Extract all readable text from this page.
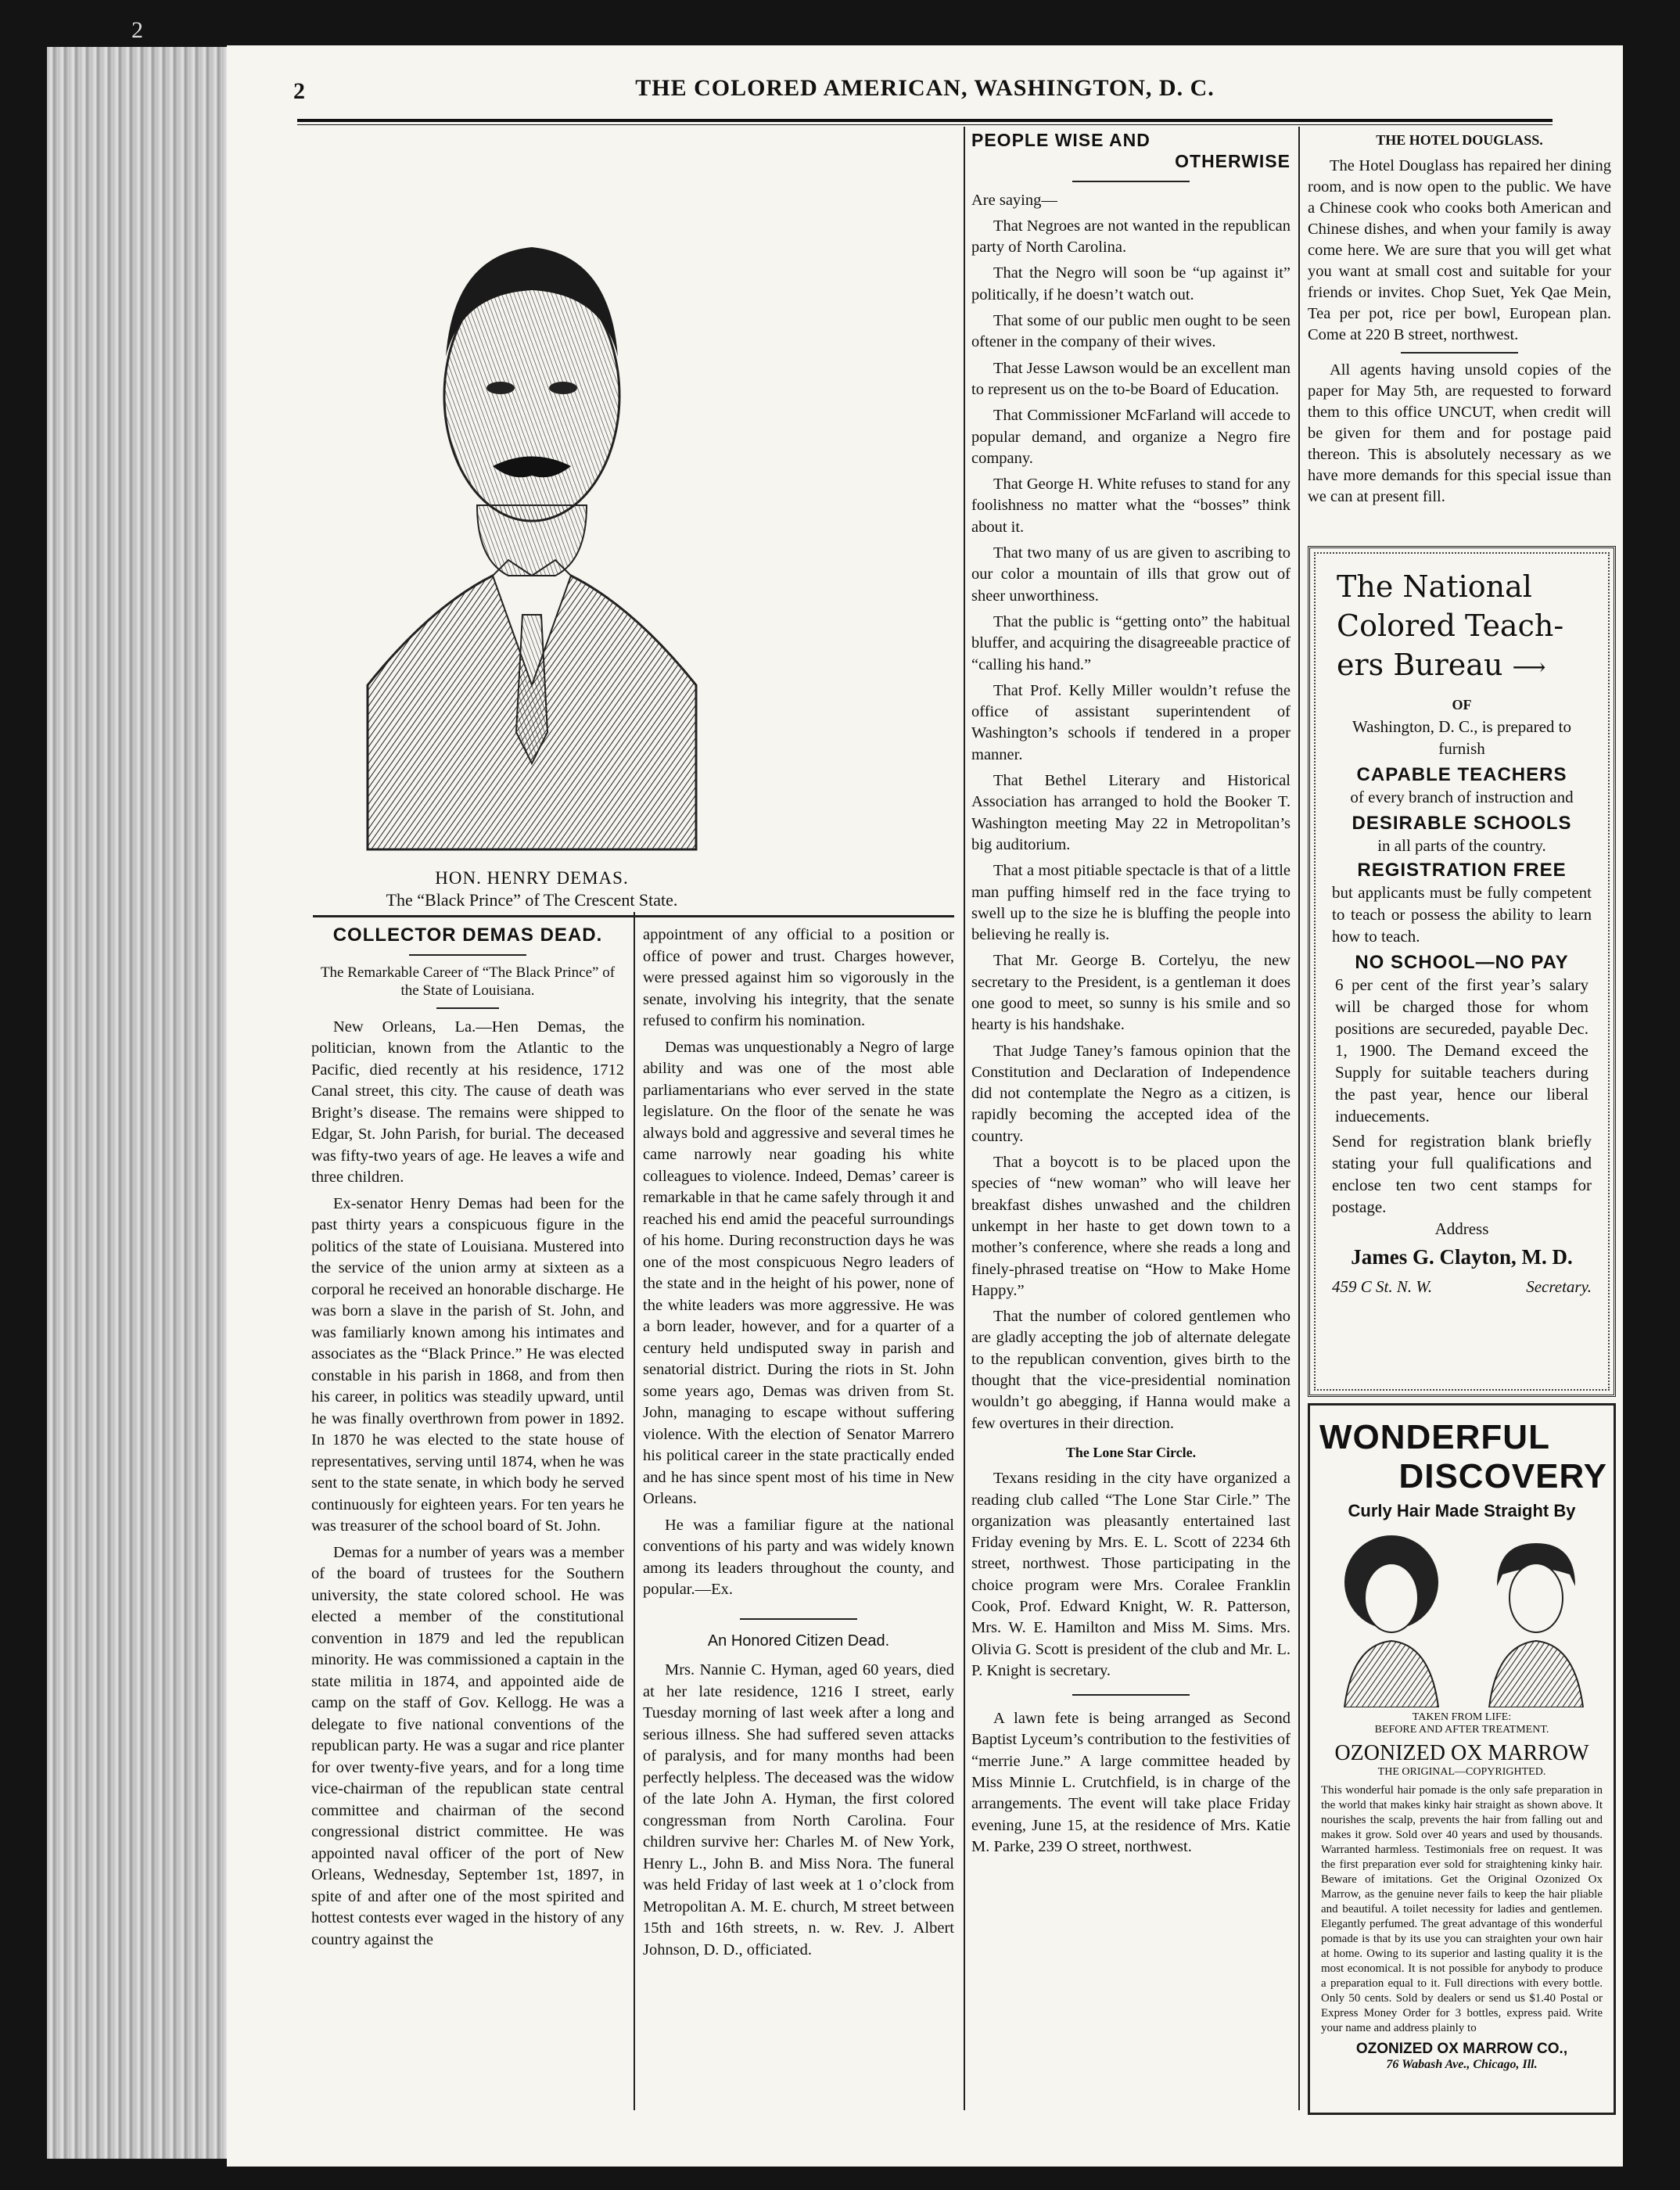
2
2	THE COLORED AMERICAN, WASHINGTON, D. C.
HON. HENRY DEMAS.
The “Black Prince” of The Crescent State.
COLLECTOR DEMAS DEAD.
The Remarkable Career of “The Black Prince” of the State of Louisiana.

New Orleans, La.—Hen Demas, the politician, known from the Atlantic to the Pacific, died recently at his residence, 1712 Canal street, this city. The cause of death was Bright’s disease. The remains were shipped to Edgar, St. John Parish, for burial. The deceased was fifty-two years of age. He leaves a wife and three children.

Ex-senator Henry Demas had been for the past thirty years a conspicuous figure in the politics of the state of Louisiana. Mustered into the service of the union army at sixteen as a corporal he received an honorable discharge. He was born a slave in the parish of St. John, and was familiarly known among his intimates and associates as the “Black Prince.” He was elected constable in his parish in 1868, and from then his career, in politics was steadily upward, until he was finally overthrown from power in 1892. In 1870 he was elected to the state house of representatives, serving until 1874, when he was sent to the state senate, in which body he served continuously for eighteen years. For ten years he was treasurer of the school board of St. John.

Demas for a number of years was a member of the board of trustees for the Southern university, the state colored school. He was elected a member of the constitutional convention in 1879 and led the republican minority. He was commissioned a captain in the state militia in 1874, and appointed aide de camp on the staff of Gov. Kellogg. He was a delegate to five national conventions of the republican party. He was a sugar and rice planter for over twenty-five years, and for a long time vice-chairman of the republican state central committee and chairman of the second congressional district committee. He was appointed naval officer of the port of New Orleans, Wednesday, September 1st, 1897, in spite of and after one of the most spirited and hottest contests ever waged in the history of any country against the

appointment of any official to a position or office of power and trust. Charges however, were pressed against him so vigorously in the senate, involving his integrity, that the senate refused to confirm his nomination.

Demas was unquestionably a Negro of large ability and was one of the most able parliamentarians who ever served in the state legislature. On the floor of the senate he was always bold and aggressive and several times he came narrowly near goading his white colleagues to violence. Indeed, Demas’ career is remarkable in that he came safely through it and reached his end amid the peaceful surroundings of his home. During reconstruction days he was one of the most conspicuous Negro leaders of the state and in the height of his power, none of the white leaders was more aggressive. He was a born leader, however, and for a quarter of a century held undisputed sway in parish and senatorial district. During the riots in St. John some years ago, Demas was driven from St. John, managing to escape without suffering violence. With the election of Senator Marrero his political career in the state practically ended and he has since spent most of his time in New Orleans.

He was a familiar figure at the national conventions of his party and was widely known among its leaders throughout the county, and popular.—Ex.

An Honored Citizen Dead.

Mrs. Nannie C. Hyman, aged 60 years, died at her late residence, 1216 I street, early Tuesday morning of last week after a long and serious illness. She had suffered seven attacks of paralysis, and for many months had been perfectly helpless. The deceased was the widow of the late John A. Hyman, the first colored congressman from North Carolina. Four children survive her: Charles M. of New York, Henry L., John B. and Miss Nora. The funeral was held Friday of last week at 1 o’clock from Metropolitan A. M. E. church, M street between 15th and 16th streets, n. w. Rev. J. Albert Johnson, D. D., officiated.

PEOPLE WISE AND
OTHERWISE

Are saying—

That Negroes are not wanted in the republican party of North Carolina.

That the Negro will soon be “up against it” politically, if he doesn’t watch out.

That some of our public men ought to be seen oftener in the company of their wives.

That Jesse Lawson would be an excellent man to represent us on the to-be Board of Education.

That Commissioner McFarland will accede to popular demand, and organize a Negro fire company.

That George H. White refuses to stand for any foolishness no matter what the “bosses” think about it.

That two many of us are given to ascribing to our color a mountain of ills that grow out of sheer unworthiness.

That the public is “getting onto” the habitual bluffer, and acquiring the disagreeable practice of “calling his hand.”

That Prof. Kelly Miller wouldn’t refuse the office of assistant superintendent of Washington’s schools if tendered in a proper manner.

That Bethel Literary and Historical Association has arranged to hold the Booker T. Washington meeting May 22 in Metropolitan’s big auditorium.

That a most pitiable spectacle is that of a little man puffing himself red in the face trying to swell up to the size he is bluffing the people into believing he really is.

That Mr. George B. Cortelyu, the new secretary to the President, is a gentleman it does one good to meet, so sunny is his smile and so hearty is his handshake.

That Judge Taney’s famous opinion that the Constitution and Declaration of Independence did not contemplate the Negro as a citizen, is rapidly becoming the accepted idea of the country.

That a boycott is to be placed upon the species of “new woman” who will leave her breakfast dishes unwashed and the children unkempt in her haste to get down town to a mother’s conference, where she reads a long and finely-phrased treatise on “How to Make Home Happy.”

That the number of colored gentlemen who are gladly accepting the job of alternate delegate to the republican convention, gives birth to the thought that the vice-presidential nomination wouldn’t go abegging, if Hanna would make a few overtures in their direction.

The Lone Star Circle.

Texans residing in the city have organized a reading club called “The Lone Star Cirle.” The organization was pleasantly entertained last Friday evening by Mrs. E. L. Scott of 2234 6th street, northwest. Those participating in the choice program were Mrs. Coralee Franklin Cook, Prof. Edward Knight, W. R. Patterson, Mrs. W. E. Hamilton and Miss M. Sims. Mrs. Olivia G. Scott is president of the club and Mr. L. P. Knight is secretary.

A lawn fete is being arranged as Second Baptist Lyceum’s contribution to the festivities of “merrie June.” A large committee headed by Miss Minnie L. Crutchfield, is in charge of the arrangements. The event will take place Friday evening, June 15, at the residence of Mrs. Katie M. Parke, 239 O street, northwest.

THE HOTEL DOUGLASS.

The Hotel Douglass has repaired her dining room, and is now open to the public. We have a Chinese cook who cooks both American and Chinese dishes, and when your family is away come here. We are sure that you will get what you want at small cost and suitable for your friends or invites. Chop Suet, Yek Qae Mein, Tea per pot, rice per bowl, European plan. Come at 220 B street, northwest.

All agents having unsold copies of the paper for May 5th, are requested to forward them to this office UNCUT, when credit will be given for them and for postage paid thereon. This is absolutely necessary as we have more demands for this special issue than we can at present fill.

The National
Colored Teach-
ers Bureau ⟶
OF
Washington, D. C., is prepared to furnish
CAPABLE TEACHERS
of every branch of instruction and
DESIRABLE SCHOOLS
in all parts of the country.
REGISTRATION FREE
but applicants must be fully competent to teach or possess the ability to learn how to teach.
NO SCHOOL—NO PAY
6 per cent of the first year’s salary will be charged those for whom positions are secureded, payable Dec. 1, 1900. The Demand exceed the Supply for suitable teachers during the past year, hence our liberal induecements.
Send for registration blank briefly stating your full qualifications and enclose ten two cent stamps for postage.
Address
James G. Clayton, M. D.
459 C St. N. W.	Secretary.
WONDERFUL
DISCOVERY
Curly Hair Made Straight By
TAKEN FROM LIFE:
BEFORE AND AFTER TREATMENT.
OZONIZED OX MARROW
THE ORIGINAL—COPYRIGHTED.
This wonderful hair pomade is the only safe preparation in the world that makes kinky hair straight as shown above. It nourishes the scalp, prevents the hair from falling out and makes it grow. Sold over 40 years and used by thousands. Warranted harmless. Testimonials free on request. It was the first preparation ever sold for straightening kinky hair. Beware of imitations. Get the Original Ozonized Ox Marrow, as the genuine never fails to keep the hair pliable and beautiful. A toilet necessity for ladies and gentlemen. Elegantly perfumed. The great advantage of this wonderful pomade is that by its use you can straighten your own hair at home. Owing to its superior and lasting quality it is the most economical. It is not possible for anybody to produce a preparation equal to it. Full directions with every bottle. Only 50 cents. Sold by dealers or send us $1.40 Postal or Express Money Order for 3 bottles, express paid. Write your name and address plainly to
OZONIZED OX MARROW CO.,
76 Wabash Ave., Chicago, Ill.
